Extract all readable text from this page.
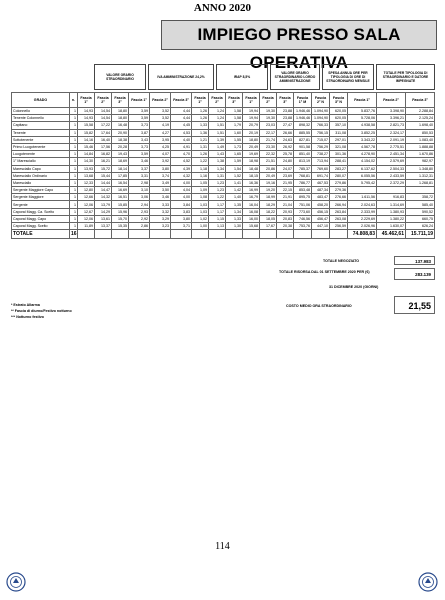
ANNO 2020
IMPIEGO PRESSO SALA OPERATIVA
VALORE ORARIO STRAORDINARIO	IVA AMMINISTRAZIONE 24,2%	IRAP 8,5%
VALORE ORARIO STRAORDINARIO LORDO AMMINISTRAZIONE
SPESA ANNUA ORE PER TIPOLOGIA DI ORE DI STRAORDINARIO MENSILE
TOTALE PER TIPOLOGIA DI STRAORDINARIO E DATORE IMPEGNATE
GRADO	n.	Fascia 1°	Fascia 2°	Fascia 3°	Fascia 1°	Fascia 2°	Fascia 3°	Fascia 1°	Fascia 2°	Fascia 3°	Fascia 1°	Fascia 2°	Fascia 3°	Fascia 1° M	Fascia 2° N	Fascia 3° N	Fascia 1°	Fascia 2°	Fascia 3°
Colonnello	1	14,93	14,54	18,80	3,59	3,52	4,44	1,26	1,24	1,58	19,94	19,30	23,88	1.946,46	1.094,90	620,05	5.837,76	3.398,90	2.288,84
Tenente Colonnello	1	14,93	14,54	18,80	3,59	3,52	4,44	1,26	1,24	1,58	19,94	19,30	23,88	1.946,46	1.094,90	620,05	5.728,06	3.396,21	2.125,24
Capitano	1	15,58	17,22	16,48	3,73	4,19	4,45	1,33	1,51	1,79	20,79	23,03	27,47	898,32	766,33	357,10	4.938,58	2.821,73	1.698,40
Tenente	1	15,82	17,64	20,90	3,87	4,27	4,53	1,36	1,51	1,60	20,19	22,17	26,66	885,55	756,15	311,08	3.852,25	2.324,17	850,53
Sottotenente	1	14,16	16,40	18,38	3,43	3,95	4,40	1,21	1,39	1,55	18,80	21,74	24,63	827,81	715,07	297,01	3.343,22	2.091,19	1.083,40
Primo Luogotenente	1	15,46	17,56	20,28	3,73	4,25	4,91	1,31	1,49	1,73	20,49	23,30	26,92	901,58	756,29	321,08	4.567,78	2.775,51	1.888,88
Luogotenente	1	14,84	16,82	19,43	3,59	4,07	4,70	1,26	1,43	1,65	19,69	22,32	25,78	851,40	738,27	301,36	4.278,90	2.451,34	1.670,86
1° Maresciallo	1	14,30	16,21	18,69	3,46	3,92	4,52	1,22	1,38	1,59	18,98	21,51	24,80	813,19	713,94	288,41	4.154,02	2.579,69	982,97
Maresciallo Capo	1	13,93	15,72	18,14	3,37	3,80	4,39	1,18	1,34	1,54	18,48	20,86	24,07	785,37	769,60	283,27	6.137,62	2.504,33	1.348,80
Maresciallo Ordinario	1	13,68	15,44	17,85	3,31	3,74	4,32	1,16	1,31	1,52	18,15	20,49	23,69	768,81	691,74	280,07	6.055,56	2.433,59	1.312,31
Maresciallo	1	12,33	14,44	16,54	2,98	3,49	4,00	1,05	1,23	1,41	16,36	19,16	21,95	786,77	467,53	279,86	5.795,42	2.372,29	1.268,81
Sergente Maggiore Capo	1	12,80	14,47	16,69	3,10	3,50	4,04	1,09	1,23	1,42	16,99	19,20	22,15	853,48	487,34	279,36			
Sergente Maggiore	1	12,66	14,32	16,51	3,06	3,46	4,00	1,08	1,22	1,40	16,79	18,99	21,91	895,75	483,47	276,66	1.611,56	916,83	358,72
Sergente	1	12,06	13,79	15,85	2,94	3,33	3,84	1,03	1,17	1,35	16,04	18,29	21,04	751,06	458,20	266,94	2.024,63	1.314,69	585,40
Caporal Magg. Ca. Scelto	1	12,67	14,29	15,96	2,93	3,32	3,83	1,03	1,17	1,34	16,08	18,22	20,93	773,60	456,15	263,84	2.333,99	1.380,93	590,52
Caporal Magg. Capo	1	12,06	13,61	15,70	2,92	3,29	3,80	1,02	1,15	1,33	16,00	18,05	20,83	746,56	456,47	263,08	2.229,69	1.380,22	660,75
Caporal Magg. Scelto	1	11,89	13,37	15,35	2,86	3,23	3,71	1,00	1,13	1,30	15,68	17,67	20,38	753,76	447,10	256,59	2.026,96	1.630,07	626,24
TOTALE	16																74.808,83	45.462,61	15.711,19
TOTALE NEGOZIATO	137.983
TOTALE RISORSA DAL 01 SETTEMBRE 2020 PER (€)	283.139
31 DICEMBRE 2020 (GIORNI)
COSTO MEDIO ORA STRAORDINARIO	21,55
* Estrato Allarma
** Fascia di diurno/Festivo notturno
*** Notturno festivo
114
